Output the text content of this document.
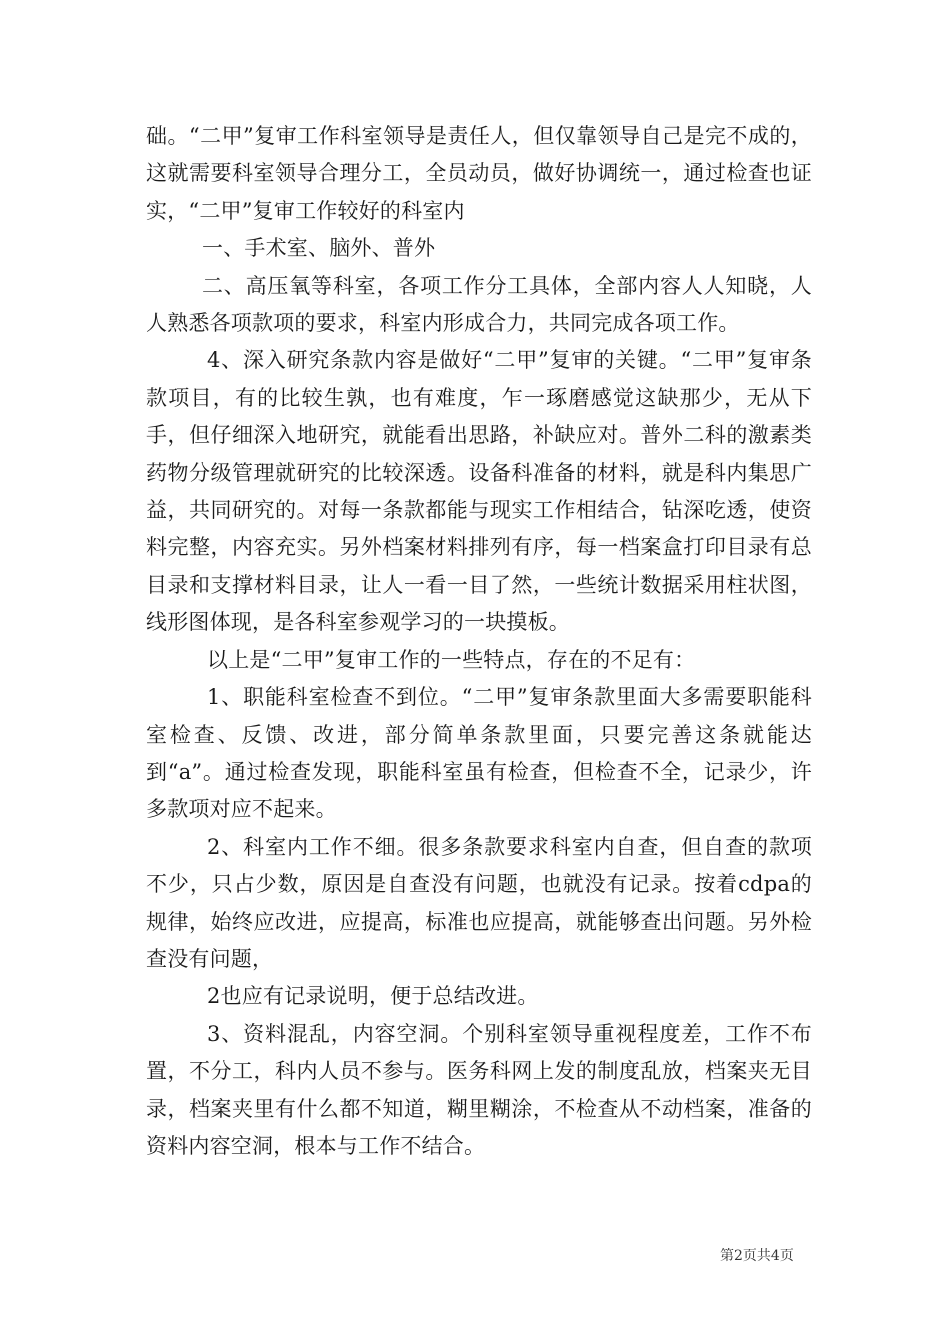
础。“二甲”复审工作科室领导是责任人，但仅靠领导自己是完不成的，这就需要科室领导合理分工，全员动员，做好协调统一，通过检查也证实，“二甲”复审工作较好的科室内

一、手术室、脑外、普外

二、高压氧等科室，各项工作分工具体，全部内容人人知晓，人人熟悉各项款项的要求，科室内形成合力，共同完成各项工作。

4、深入研究条款内容是做好“二甲”复审的关键。“二甲”复审条款项目，有的比较生孰，也有难度，乍一琢磨感觉这缺那少，无从下手，但仔细深入地研究，就能看出思路，补缺应对。普外二科的激素类药物分级管理就研究的比较深透。设备科准备的材料，就是科内集思广益，共同研究的。对每一条款都能与现实工作相结合，钻深吃透，使资料完整，内容充实。另外档案材料排列有序，每一档案盒打印目录有总目录和支撑材料目录，让人一看一目了然，一些统计数据采用柱状图，线形图体现，是各科室参观学习的一块摸板。

以上是“二甲”复审工作的一些特点，存在的不足有：

1、职能科室检查不到位。“二甲”复审条款里面大多需要职能科室检查、反馈、改进，部分简单条款里面，只要完善这条就能达到“a”。通过检查发现，职能科室虽有检查，但检查不全，记录少，许多款项对应不起来。

2、科室内工作不细。很多条款要求科室内自查，但自查的款项不少，只占少数，原因是自查没有问题，也就没有记录。按着cdpa的规律，始终应改进，应提高，标准也应提高，就能够查出问题。另外检查没有问题，

2也应有记录说明，便于总结改进。

3、资料混乱，内容空洞。个别科室领导重视程度差，工作不布置，不分工，科内人员不参与。医务科网上发的制度乱放，档案夹无目录，档案夹里有什么都不知道，糊里糊涂，不检查从不动档案，准备的资料内容空洞，根本与工作不结合。

第2页共4页
